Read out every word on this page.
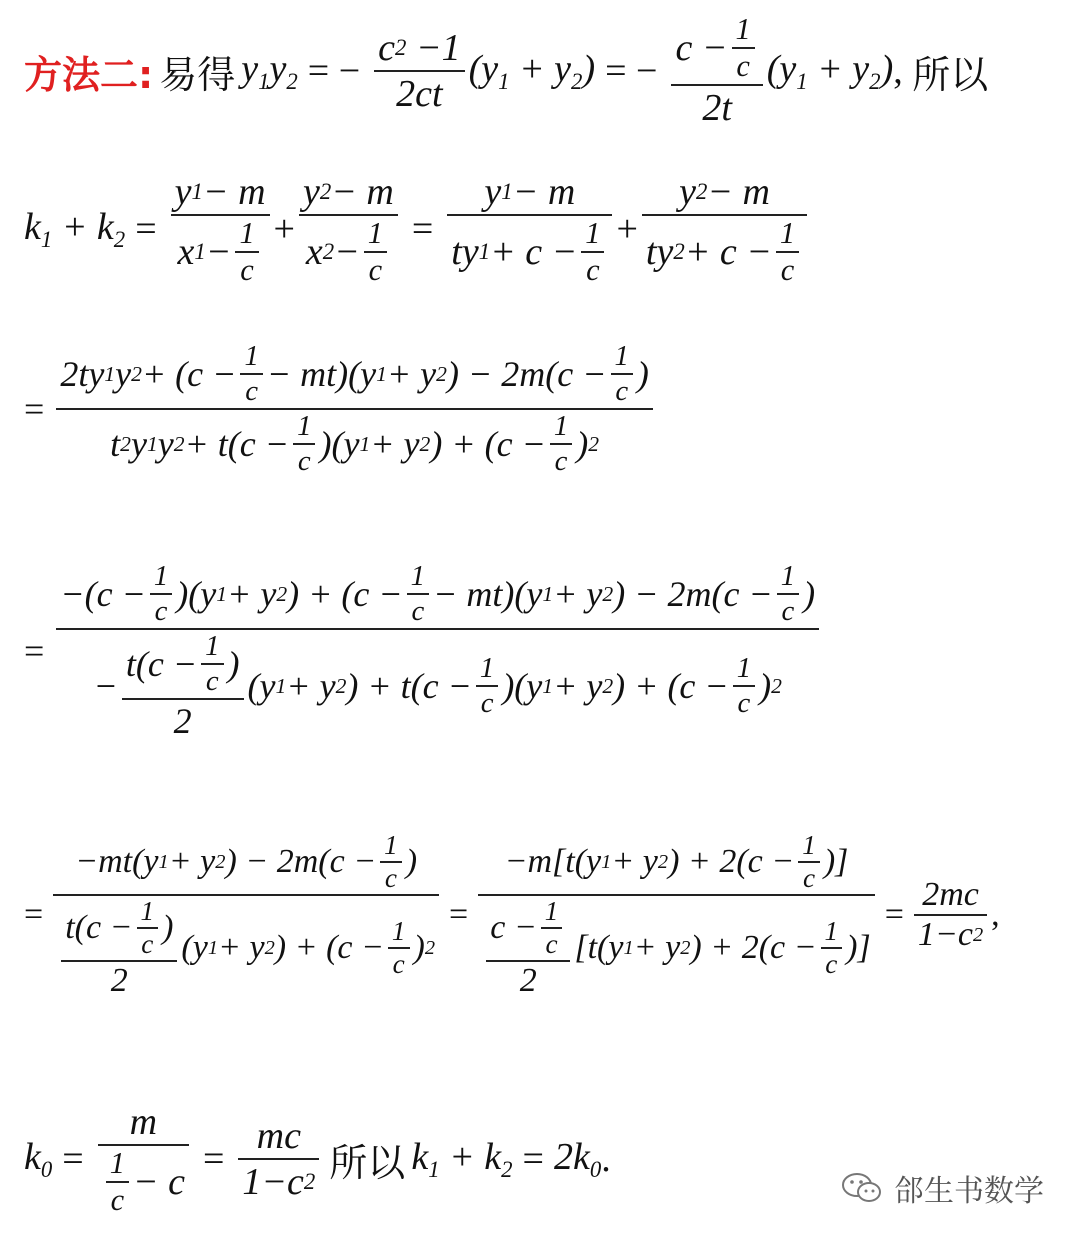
方法二: 易得 $y_1y_2$ = − $\frac{c 2 -1}{2ct} (y_1 + y_2)$ = − $\frac{c - \frac{1}{c}}{2t} (y_1 + y_2)$ , 所以
$k_1 + k_2 = \frac{y 1 - m}{x 1 - \frac{1}{c}} + \frac{y 2 - m}{x 2 - \frac{1}{c}} = \frac{y 1 - m}{ty 1 + c - \frac{1}{c}} + \frac{y 2 - m}{ty 2 + c - \frac{1}{c}}$
= $\frac{2ty 1 y 2 + (c - \frac{1}{c} - mt)(y 1 + y 2 ) - 2m(c - \frac{1}{c} )}{t 2 y 1 y 2 + t(c - \frac{1}{c} )(y 1 + y 2 ) + (c - \frac{1}{c} ) 2}$
= $\frac{-(c - \frac{1}{c} )(y 1 + y 2 ) + (c - \frac{1}{c} - mt)(y 1 + y 2 ) - 2m(c - \frac{1}{c} )}{- \frac{t(c - \frac{1}{c} )}{2} (y 1 + y 2 ) + t(c - \frac{1}{c} )(y 1 + y 2 ) + (c - \frac{1}{c} ) 2}$
= $\frac{-mt(y 1 + y 2 ) - 2m(c - \frac{1}{c} )}{\frac{t(c - \frac{1}{c} )}{2} (y 1 + y 2 ) + (c - \frac{1}{c} ) 2} = \frac{-m[t(y 1 + y 2 ) + 2(c - \frac{1}{c} )]}{\frac{c - \frac{1}{c}}{2} [t(y 1 + y 2 ) + 2(c - \frac{1}{c} )]} = \frac{2mc}{1-c 2}$ ,
$k_0 = \frac{m}{\frac{1}{c} - c} = \frac{mc}{1-c 2}$ 所以 $k_1 + k_2 = 2k_0$ .
郃生书数学
